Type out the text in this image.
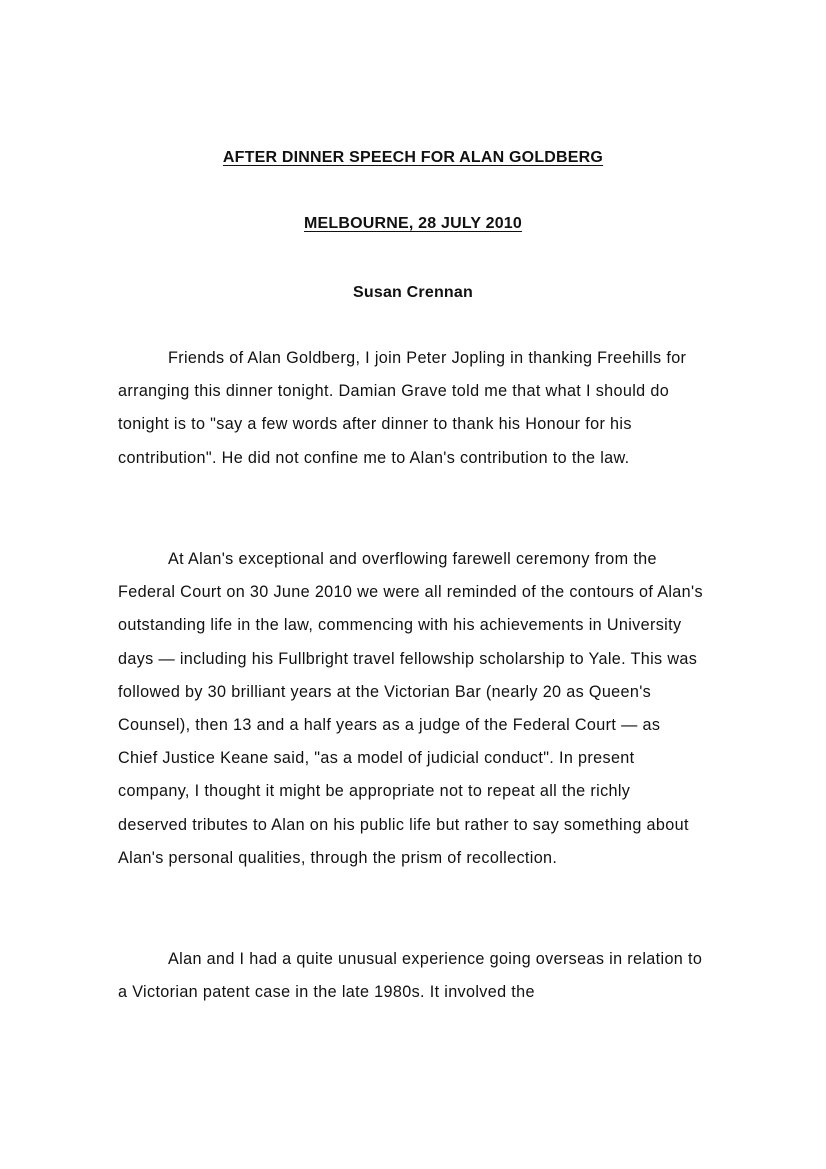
AFTER DINNER SPEECH FOR ALAN GOLDBERG
MELBOURNE, 28 JULY 2010
Susan Crennan

Friends of Alan Goldberg, I join Peter Jopling in thanking Freehills for arranging this dinner tonight. Damian Grave told me that what I should do tonight is to "say a few words after dinner to thank his Honour for his contribution". He did not confine me to Alan's contribution to the law.

At Alan's exceptional and overflowing farewell ceremony from the Federal Court on 30 June 2010 we were all reminded of the contours of Alan's outstanding life in the law, commencing with his achievements in University days — including his Fullbright travel fellowship scholarship to Yale. This was followed by 30 brilliant years at the Victorian Bar (nearly 20 as Queen's Counsel), then 13 and a half years as a judge of the Federal Court — as Chief Justice Keane said, "as a model of judicial conduct". In present company, I thought it might be appropriate not to repeat all the richly deserved tributes to Alan on his public life but rather to say something about Alan's personal qualities, through the prism of recollection.

Alan and I had a quite unusual experience going overseas in relation to a Victorian patent case in the late 1980s. It involved the
